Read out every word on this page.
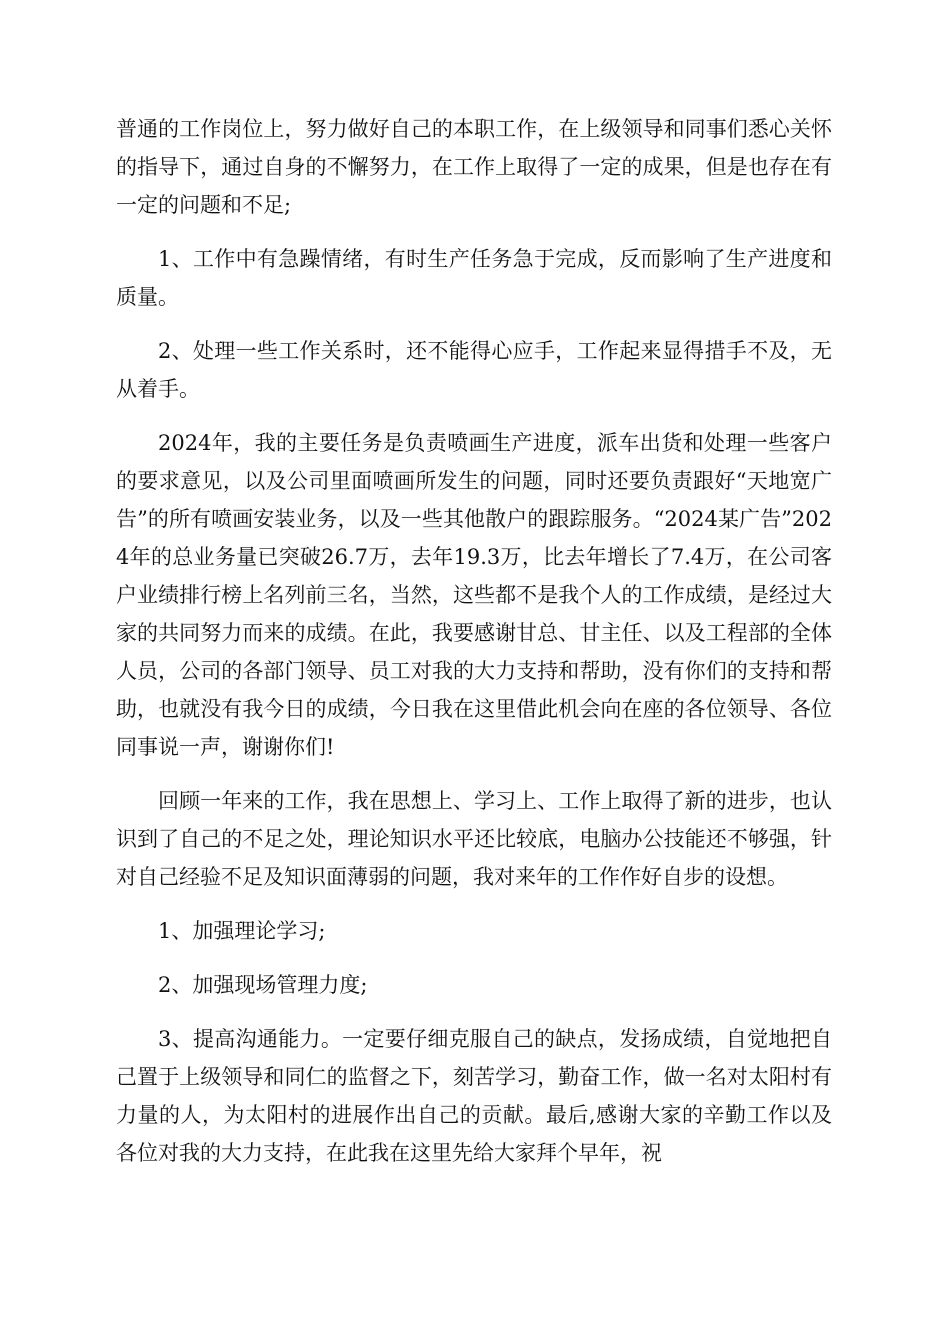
普通的工作岗位上，努力做好自己的本职工作，在上级领导和同事们悉心关怀的指导下，通过自身的不懈努力，在工作上取得了一定的成果，但是也存在有一定的问题和不足;

1、工作中有急躁情绪，有时生产任务急于完成，反而影响了生产进度和质量。

2、处理一些工作关系时，还不能得心应手，工作起来显得措手不及，无从着手。

2024年，我的主要任务是负责喷画生产进度，派车出货和处理一些客户的要求意见，以及公司里面喷画所发生的问题，同时还要负责跟好“天地宽广告”的所有喷画安装业务，以及一些其他散户的跟踪服务。“2024某广告”2024年的总业务量已突破26.7万，去年19.3万，比去年增长了7.4万，在公司客户业绩排行榜上名列前三名，当然，这些都不是我个人的工作成绩，是经过大家的共同努力而来的成绩。在此，我要感谢甘总、甘主任、以及工程部的全体人员，公司的各部门领导、员工对我的大力支持和帮助，没有你们的支持和帮助，也就没有我今日的成绩，今日我在这里借此机会向在座的各位领导、各位同事说一声，谢谢你们!

回顾一年来的工作，我在思想上、学习上、工作上取得了新的进步，也认识到了自己的不足之处，理论知识水平还比较底，电脑办公技能还不够强，针对自己经验不足及知识面薄弱的问题，我对来年的工作作好自步的设想。

1、加强理论学习;

2、加强现场管理力度;

3、提高沟通能力。一定要仔细克服自己的缺点，发扬成绩，自觉地把自己置于上级领导和同仁的监督之下，刻苦学习，勤奋工作，做一名对太阳村有力量的人，为太阳村的进展作出自己的贡献。最后,感谢大家的辛勤工作以及各位对我的大力支持，在此我在这里先给大家拜个早年，祝
